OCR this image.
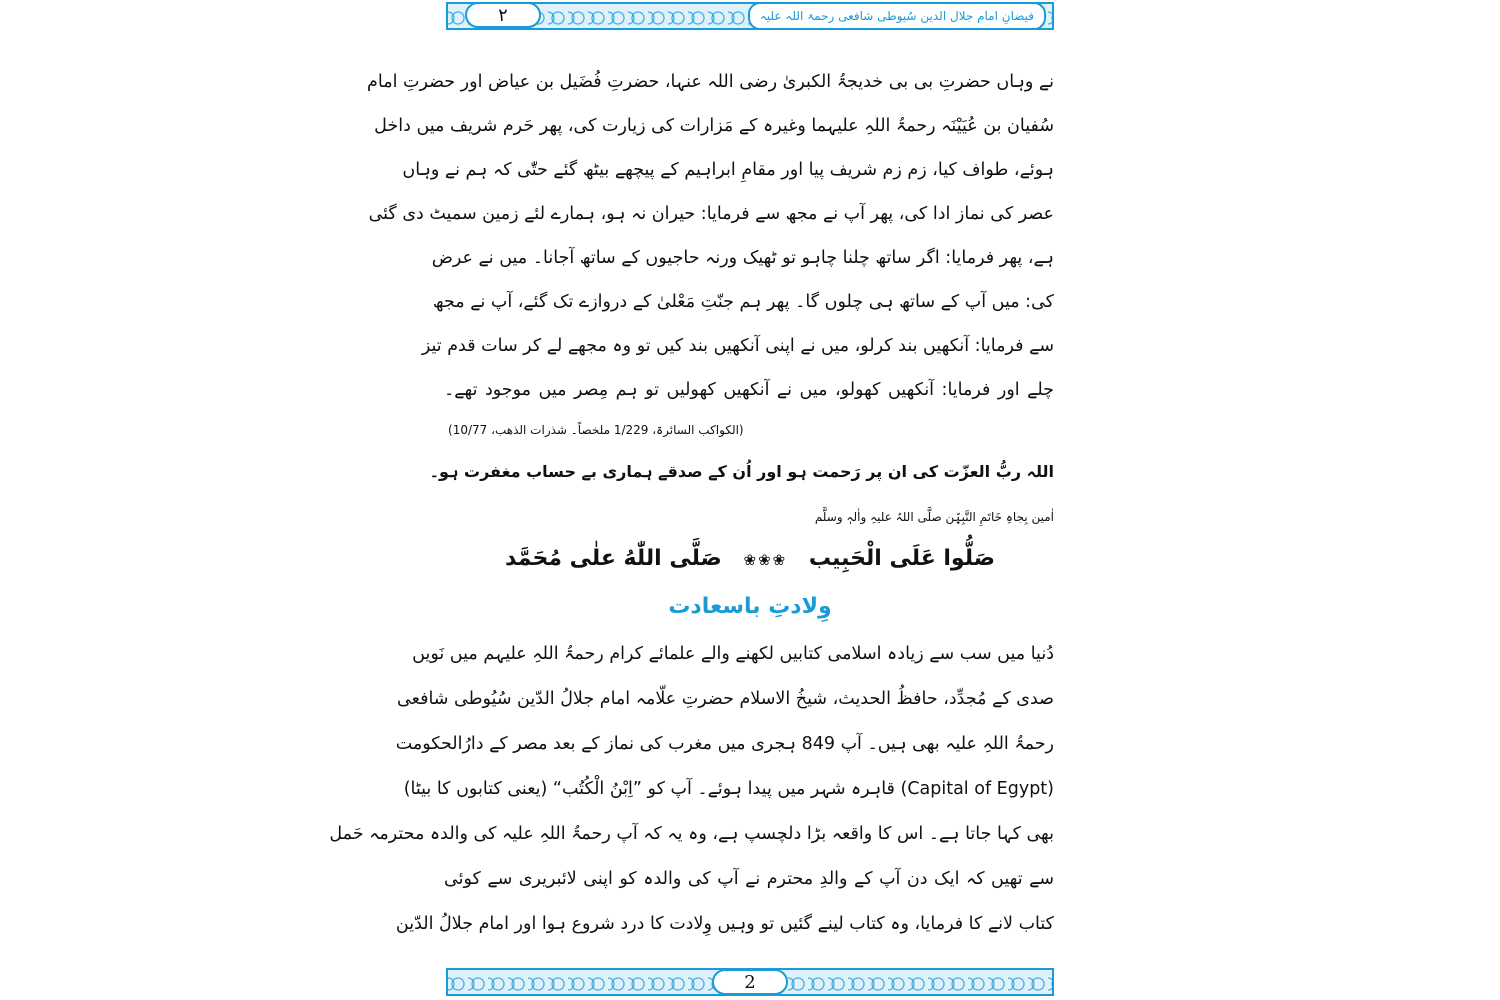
۲	فیضانِ امام جلال الدین سُیوطی شافعی رحمۃ اللہ علیہ
نے وہاں حضرتِ بی بی خدیجۃُ الکبریٰ رضی اللہ عنہا، حضرتِ فُضَیل بن عیاض اور حضرتِ امام
سُفیان بن عُیَیْنَہ رحمۃُ اللہِ علیہما وغیرہ کے مَزارات کی زیارت کی، پھر حَرم شریف میں داخل
ہوئے، طواف کیا، زم زم شریف پیا اور مقامِ ابراہیم کے پیچھے بیٹھ گئے حتّٰی کہ ہم نے وہاں
عصر کی نماز ادا کی، پھر آپ نے مجھ سے فرمایا: حیران نہ ہو، ہمارے لئے زمین سمیٹ دی گئی
ہے، پھر فرمایا: اگر ساتھ چلنا چاہو تو ٹھیک ورنہ حاجیوں کے ساتھ آجانا۔ میں نے عرض
کی: میں آپ کے ساتھ ہی چلوں گا۔ پھر ہم جنّتِ مَعْلیٰ کے دروازے تک گئے، آپ نے مجھ
سے فرمایا: آنکھیں بند کرلو، میں نے اپنی آنکھیں بند کیں تو وہ مجھے لے کر سات قدم تیز
چلے اور فرمایا: آنکھیں کھولو، میں نے آنکھیں کھولیں تو ہم مِصر میں موجود تھے۔
(الکواکب السائرۃ، 1/229 ملخصاً۔ شذرات الذھب، 10/77)
اللہ ربُّ العزّت کی ان پر رَحمت ہو اور اُن کے صدقے ہماری بے حساب مغفرت ہو۔
اٰمین بِجاہِ خَاتَمِ النَّبِیّٖن صلَّی اللہُ علیہِ واٰلہٖ وسلَّم
صَلُّوا عَلَی الْحَبِیب ❀❀❀ صَلَّی اللّٰهُ علٰی مُحَمَّد
وِلادتِ باسعادت
دُنیا میں سب سے زیادہ اسلامی کتابیں لکھنے والے علمائے کرام رحمۃُ اللہِ علیہم میں نَویں
صدی کے مُجدِّد، حافظُ الحدیث، شیخُ الاسلام حضرتِ علّامہ امام جلالُ الدّین سُیُوطی شافعی
رحمۃُ اللہِ علیہ بھی ہیں۔ آپ 849 ہجری میں مغرب کی نماز کے بعد مصر کے دارُالحکومت
(Capital of Egypt) قاہرہ شہر میں پیدا ہوئے۔ آپ کو ”اِبْنُ الْکُتُب“ (یعنی کتابوں کا بیٹا)
بھی کہا جاتا ہے۔ اس کا واقعہ بڑا دلچسپ ہے، وہ یہ کہ آپ رحمۃُ اللہِ علیہ کی والدہ محترمہ حَمل
سے تھیں کہ ایک دن آپ کے والدِ محترم نے آپ کی والدہ کو اپنی لائبریری سے کوئی
کتاب لانے کا فرمایا، وہ کتاب لینے گئیں تو وہیں وِلادت کا درد شروع ہوا اور امام جلالُ الدّین
2
